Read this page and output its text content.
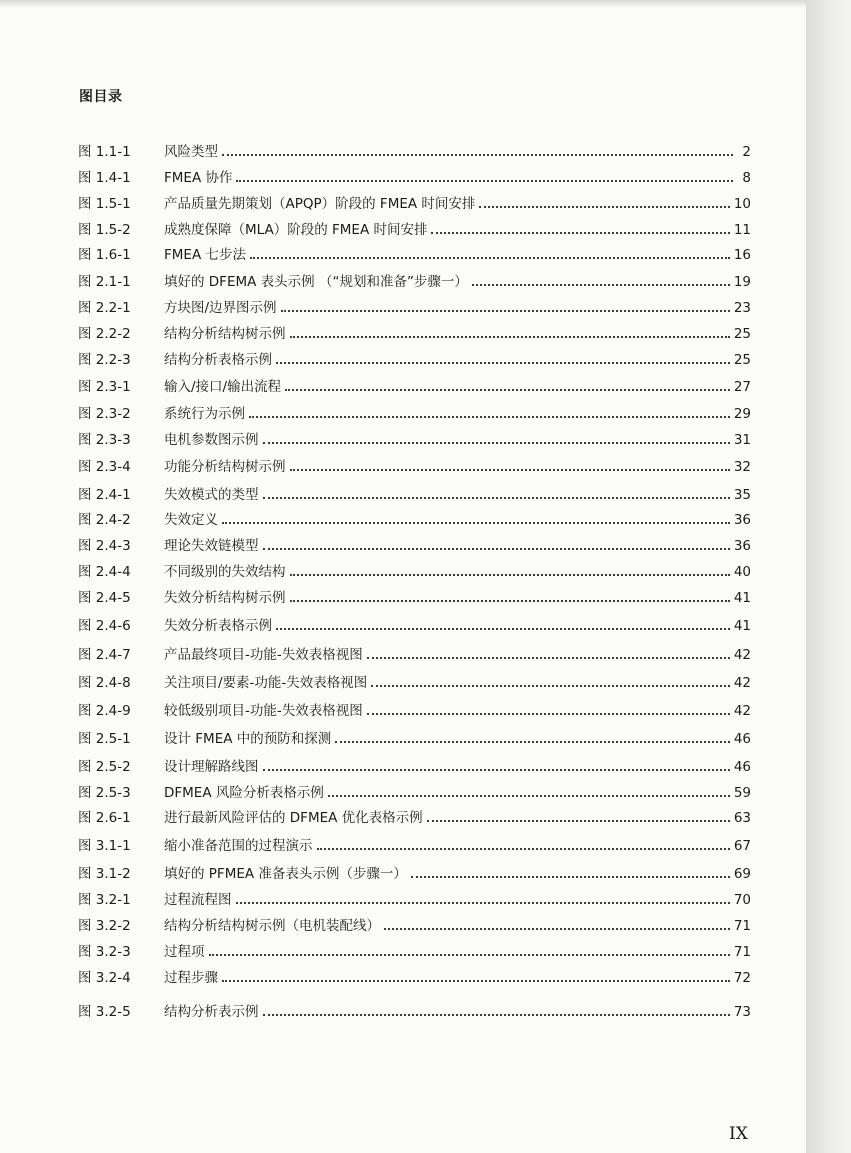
图目录
图 1.1-1	风险类型	2
图 1.4-1	FMEA 协作	8
图 1.5-1	产品质量先期策划（APQP）阶段的 FMEA 时间安排	10
图 1.5-2	成熟度保障（MLA）阶段的 FMEA 时间安排	11
图 1.6-1	FMEA 七步法	16
图 2.1-1	填好的 DFEMA 表头示例 （“规划和准备”步骤一）	19
图 2.2-1	方块图/边界图示例	23
图 2.2-2	结构分析结构树示例	25
图 2.2-3	结构分析表格示例	25
图 2.3-1	输入/接口/输出流程	27
图 2.3-2	系统行为示例	29
图 2.3-3	电机参数图示例	31
图 2.3-4	功能分析结构树示例	32
图 2.4-1	失效模式的类型	35
图 2.4-2	失效定义	36
图 2.4-3	理论失效链模型	36
图 2.4-4	不同级别的失效结构	40
图 2.4-5	失效分析结构树示例	41
图 2.4-6	失效分析表格示例	41
图 2.4-7	产品最终项目-功能-失效表格视图	42
图 2.4-8	关注项目/要素-功能-失效表格视图	42
图 2.4-9	较低级别项目-功能-失效表格视图	42
图 2.5-1	设计 FMEA 中的预防和探测	46
图 2.5-2	设计理解路线图	46
图 2.5-3	DFMEA 风险分析表格示例	59
图 2.6-1	进行最新风险评估的 DFMEA 优化表格示例	63
图 3.1-1	缩小准备范围的过程演示	67
图 3.1-2	填好的 PFMEA 准备表头示例（步骤一）	69
图 3.2-1	过程流程图	70
图 3.2-2	结构分析结构树示例（电机装配线）	71
图 3.2-3	过程项	71
图 3.2-4	过程步骤	72
图 3.2-5	结构分析表示例	73
IX
